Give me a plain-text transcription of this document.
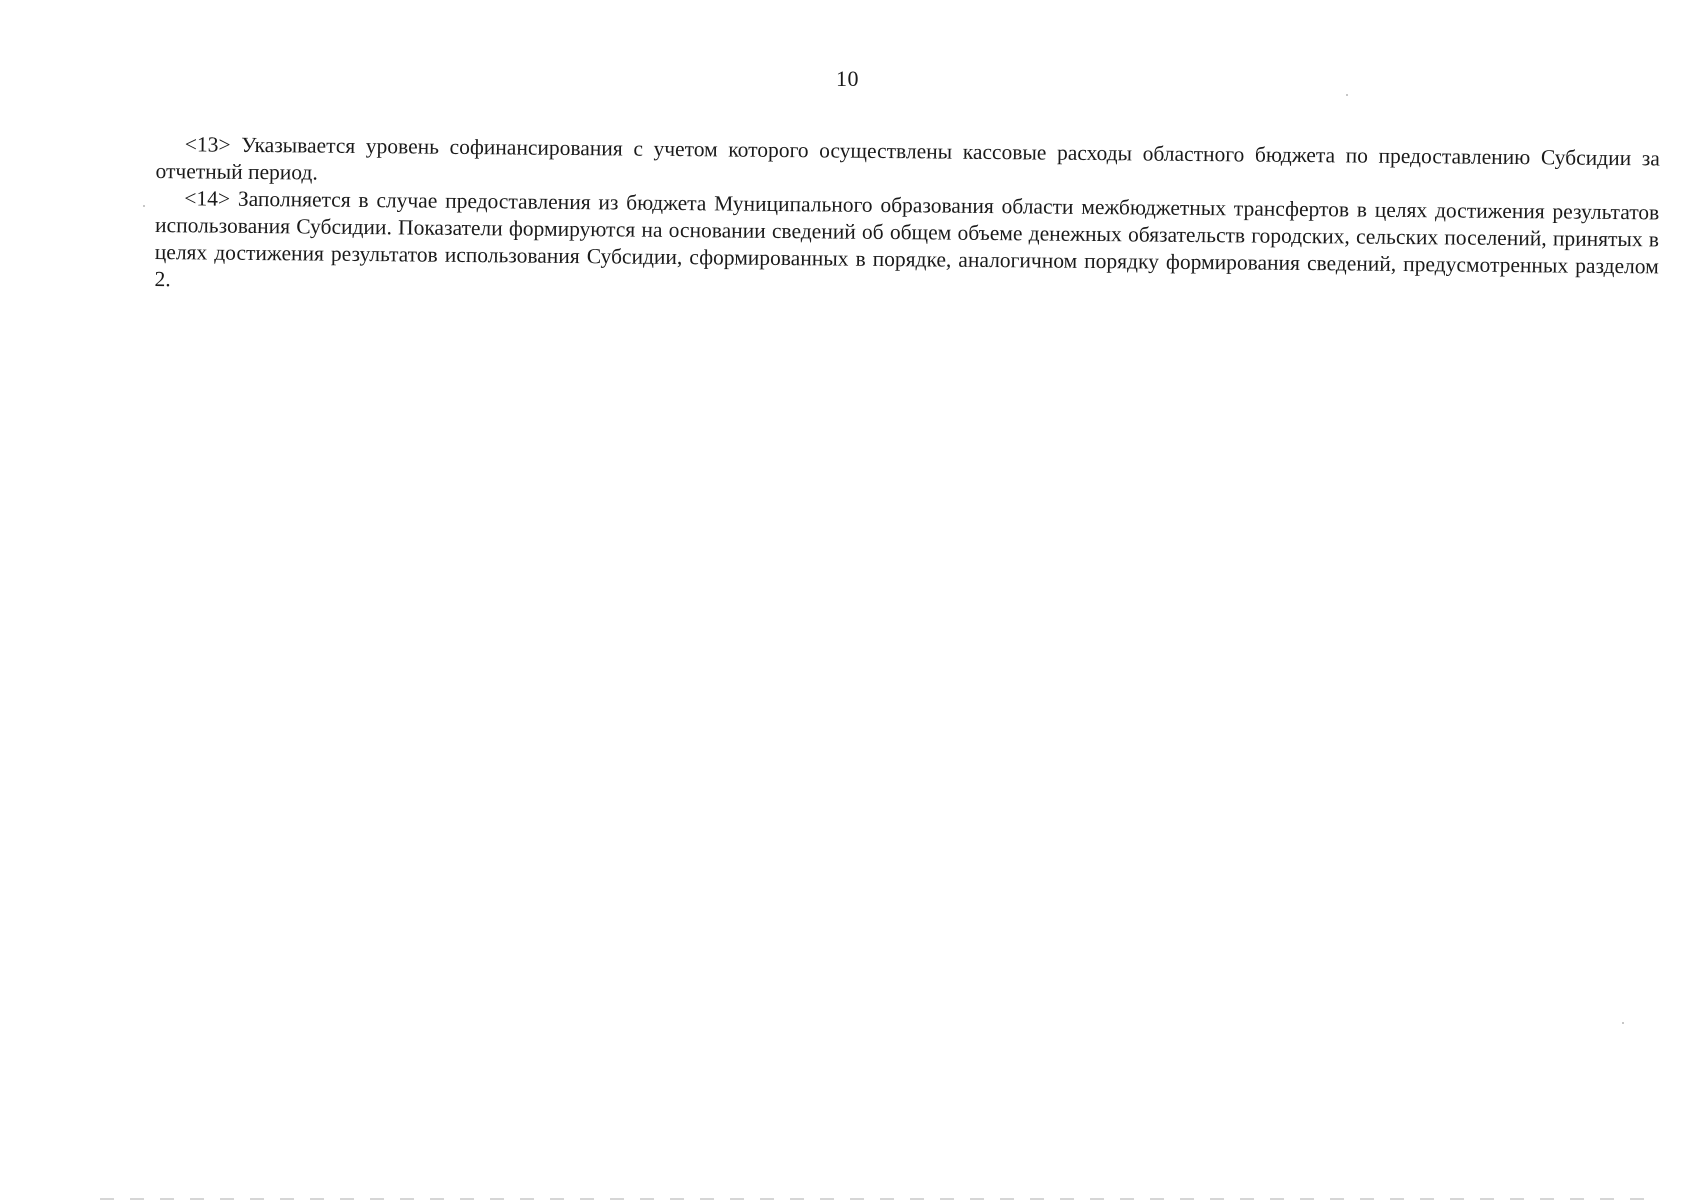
10

<13> Указывается уровень софинансирования с учетом которого осуществлены кассовые расходы областного бюджета по предоставлению Субсидии за отчетный период.

<14> Заполняется в случае предоставления из бюджета Муниципального образования области межбюджетных трансфертов в целях достижения результатов использования Субсидии. Показатели формируются на основании сведений об общем объеме денежных обязательств городских, сельских поселений, принятых в целях достижения результатов использования Субсидии, сформированных в порядке, аналогичном порядку формирования сведений, предусмотренных разделом 2.
